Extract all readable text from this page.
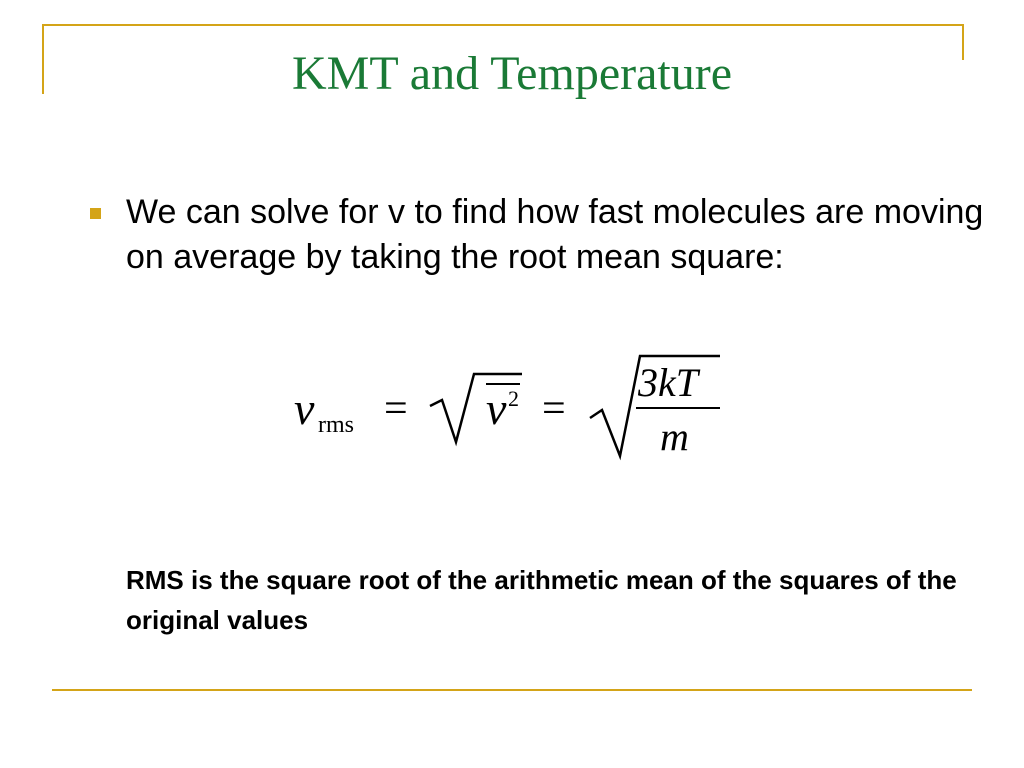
KMT and Temperature
We can solve for v to find how fast molecules are moving on average by taking the root mean square:
v rms = v 2 =
3kT
m
RMS is the square root of the arithmetic mean of the squares of the original values
